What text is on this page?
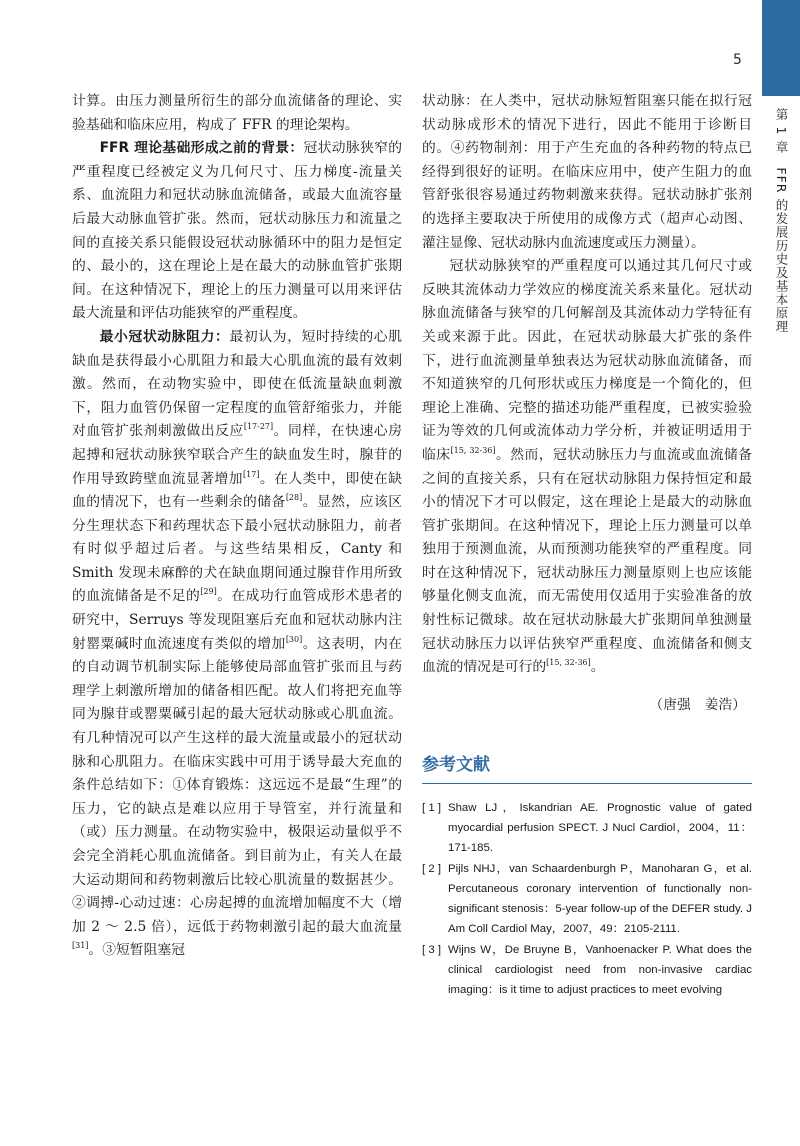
5
第 1 章　FFR 的发展历史及基本原理

计算。由压力测量所衍生的部分血流储备的理论、实验基础和临床应用，构成了 FFR 的理论架构。

FFR 理论基础形成之前的背景：冠状动脉狭窄的严重程度已经被定义为几何尺寸、压力梯度-流量关系、血流阻力和冠状动脉血流储备，或最大血流容量后最大动脉血管扩张。然而，冠状动脉压力和流量之间的直接关系只能假设冠状动脉循环中的阻力是恒定的、最小的，这在理论上是在最大的动脉血管扩张期间。在这种情况下，理论上的压力测量可以用来评估最大流量和评估功能狭窄的严重程度。

最小冠状动脉阻力：最初认为，短时持续的心肌缺血是获得最小心肌阻力和最大心肌血流的最有效刺激。然而，在动物实验中，即使在低流量缺血刺激下，阻力血管仍保留一定程度的血管舒缩张力，并能对血管扩张剂刺激做出反应[17-27]。同样，在快速心房起搏和冠状动脉狭窄联合产生的缺血发生时，腺苷的作用导致跨壁血流显著增加[17]。在人类中，即使在缺血的情况下，也有一些剩余的储备[28]。显然，应该区分生理状态下和药理状态下最小冠状动脉阻力，前者有时似乎超过后者。与这些结果相反，Canty 和 Smith 发现未麻醉的犬在缺血期间通过腺苷作用所致的血流储备是不足的[29]。在成功行血管成形术患者的研究中，Serruys 等发现阻塞后充血和冠状动脉内注射罂粟碱时血流速度有类似的增加[30]。这表明，内在的自动调节机制实际上能够使局部血管扩张而且与药理学上刺激所增加的储备相匹配。故人们将把充血等同为腺苷或罂粟碱引起的最大冠状动脉或心肌血流。有几种情况可以产生这样的最大流量或最小的冠状动脉和心肌阻力。在临床实践中可用于诱导最大充血的条件总结如下：①体育锻炼：这远远不是最“生理”的压力，它的缺点是难以应用于导管室，并行流量和（或）压力测量。在动物实验中，极限运动量似乎不会完全消耗心肌血流储备。到目前为止，有关人在最大运动期间和药物刺激后比较心肌流量的数据甚少。②调搏-心动过速：心房起搏的血流增加幅度不大（增加 2 ～ 2.5 倍），远低于药物刺激引起的最大血流量[31]。③短暂阻塞冠

状动脉：在人类中，冠状动脉短暂阻塞只能在拟行冠状动脉成形术的情况下进行，因此不能用于诊断目的。④药物制剂：用于产生充血的各种药物的特点已经得到很好的证明。在临床应用中，使产生阻力的血管舒张很容易通过药物刺激来获得。冠状动脉扩张剂的选择主要取决于所使用的成像方式（超声心动图、灌注显像、冠状动脉内血流速度或压力测量）。

冠状动脉狭窄的严重程度可以通过其几何尺寸或反映其流体动力学效应的梯度流关系来量化。冠状动脉血流储备与狭窄的几何解剖及其流体动力学特征有关或来源于此。因此，在冠状动脉最大扩张的条件下，进行血流测量单独表达为冠状动脉血流储备，而不知道狭窄的几何形状或压力梯度是一个简化的，但理论上准确、完整的描述功能严重程度，已被实验验证为等效的几何或流体动力学分析，并被证明适用于临床[15, 32-36]。然而，冠状动脉压力与血流或血流储备之间的直接关系，只有在冠状动脉阻力保持恒定和最小的情况下才可以假定，这在理论上是最大的动脉血管扩张期间。在这种情况下，理论上压力测量可以单独用于预测血流，从而预测功能狭窄的严重程度。同时在这种情况下，冠状动脉压力测量原则上也应该能够量化侧支血流，而无需使用仅适用于实验准备的放射性标记微球。故在冠状动脉最大扩张期间单独测量冠状动脉压力以评估狭窄严重程度、血流储备和侧支血流的情况是可行的[15, 32-36]。

（唐强　姜浩）
参考文献
[ 1 ] Shaw LJ，Iskandrian AE. Prognostic value of gated myocardial perfusion SPECT. J Nucl Cardiol，2004，11：171-185.
[ 2 ] Pijls NHJ，van Schaardenburgh P，Manoharan G，et al. Percutaneous coronary intervention of functionally non-significant stenosis：5-year follow-up of the DEFER study. J Am Coll Cardiol May，2007，49：2105-2111.
[ 3 ] Wijns W，De Bruyne B，Vanhoenacker P. What does the clinical cardiologist need from non-invasive cardiac imaging：is it time to adjust practices to meet evolving
